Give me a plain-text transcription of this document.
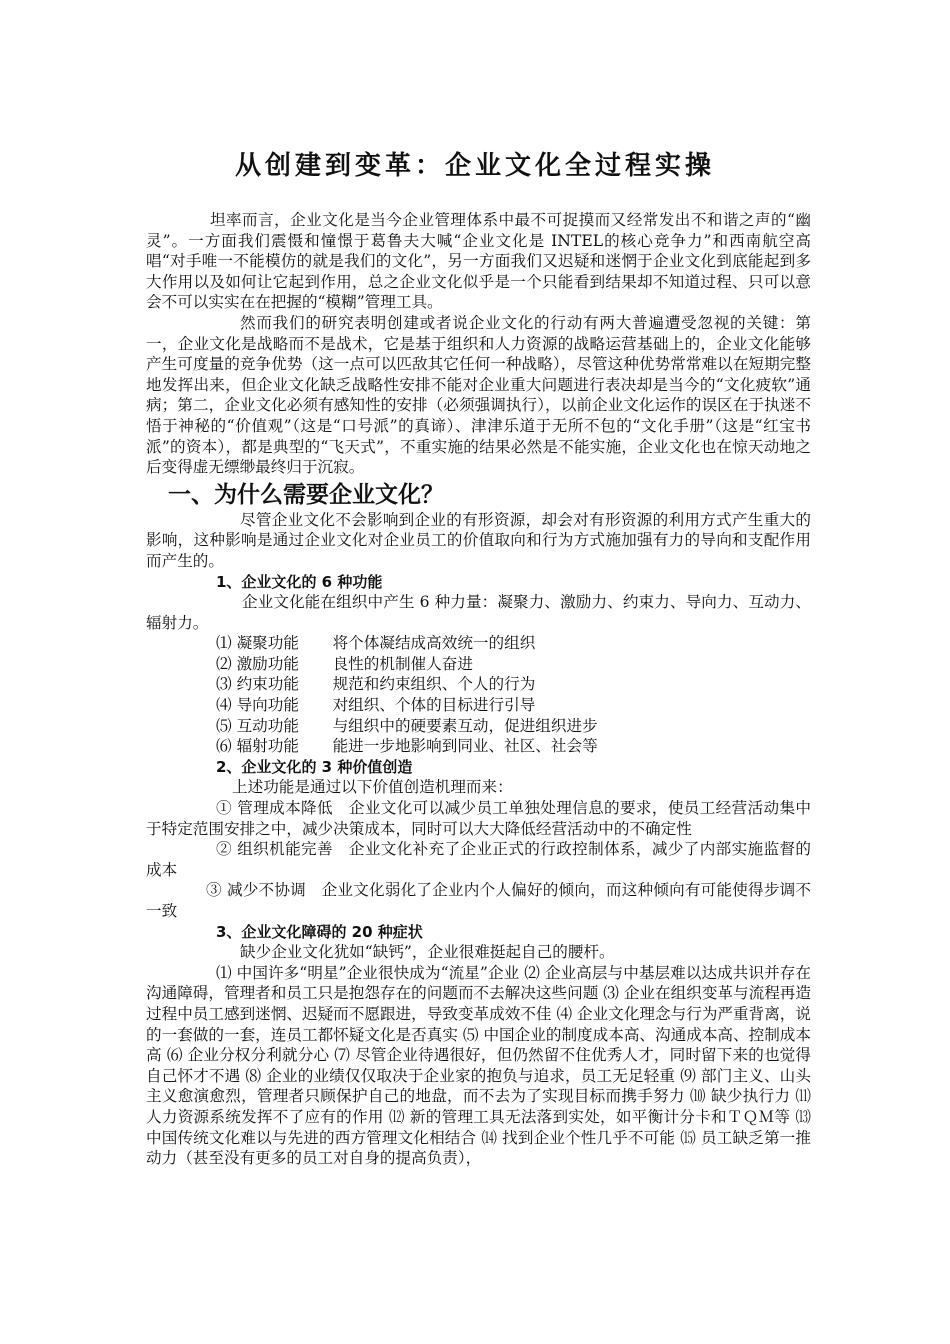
从创建到变革：企业文化全过程实操

坦率而言，企业文化是当今企业管理体系中最不可捉摸而又经常发出不和谐之声的“幽灵”。一方面我们震慑和憧憬于葛鲁夫大喊“企业文化是 INTEL的核心竞争力”和西南航空高唱“对手唯一不能模仿的就是我们的文化”，另一方面我们又迟疑和迷惘于企业文化到底能起到多大作用以及如何让它起到作用，总之企业文化似乎是一个只能看到结果却不知道过程、只可以意会不可以实实在在把握的“模糊”管理工具。

然而我们的研究表明创建或者说企业文化的行动有两大普遍遭受忽视的关键：第一，企业文化是战略而不是战术，它是基于组织和人力资源的战略运营基础上的，企业文化能够产生可度量的竞争优势（这一点可以匹敌其它任何一种战略），尽管这种优势常常难以在短期完整地发挥出来，但企业文化缺乏战略性安排不能对企业重大问题进行表决却是当今的“文化疲软”通病；第二，企业文化必须有感知性的安排（必须强调执行），以前企业文化运作的误区在于执迷不悟于神秘的“价值观”（这是“口号派”的真谛）、津津乐道于无所不包的“文化手册”（这是“红宝书派”的资本），都是典型的“飞天式”，不重实施的结果必然是不能实施，企业文化也在惊天动地之后变得虚无缥缈最终归于沉寂。

一、为什么需要企业文化？

尽管企业文化不会影响到企业的有形资源，却会对有形资源的利用方式产生重大的影响，这种影响是通过企业文化对企业员工的价值取向和行为方式施加强有力的导向和支配作用而产生的。

1、企业文化的 6 种功能

企业文化能在组织中产生 6 种力量：凝聚力、激励力、约束力、导向力、互动力、辐射力。

⑴ 凝聚功能 将个体凝结成高效统一的组织

⑵ 激励功能 良性的机制催人奋进

⑶ 约束功能 规范和约束组织、个人的行为

⑷ 导向功能 对组织、个体的目标进行引导

⑸ 互动功能 与组织中的硬要素互动，促进组织进步

⑹ 辐射功能 能进一步地影响到同业、社区、社会等

2、企业文化的 3 种价值创造

上述功能是通过以下价值创造机理而来：

① 管理成本降低　企业文化可以减少员工单独处理信息的要求，使员工经营活动集中于特定范围安排之中，减少决策成本，同时可以大大降低经营活动中的不确定性

② 组织机能完善　企业文化补充了企业正式的行政控制体系，减少了内部实施监督的成本

③ 减少不协调　企业文化弱化了企业内个人偏好的倾向，而这种倾向有可能使得步调不一致

3、企业文化障碍的 20 种症状

缺少企业文化犹如“缺钙”，企业很难挺起自己的腰杆。

⑴ 中国许多“明星”企业很快成为“流星”企业 ⑵ 企业高层与中基层难以达成共识并存在沟通障碍，管理者和员工只是抱怨存在的问题而不去解决这些问题 ⑶ 企业在组织变革与流程再造过程中员工感到迷惘、迟疑而不愿跟进，导致变革成效不佳 ⑷ 企业文化理念与行为严重背离，说的一套做的一套，连员工都怀疑文化是否真实 ⑸ 中国企业的制度成本高、沟通成本高、控制成本高 ⑹ 企业分权分利就分心 ⑺ 尽管企业待遇很好，但仍然留不住优秀人才，同时留下来的也觉得自己怀才不遇 ⑻ 企业的业绩仅仅取决于企业家的抱负与追求，员工无足轻重 ⑼ 部门主义、山头主义愈演愈烈，管理者只顾保护自己的地盘，而不去为了实现目标而携手努力 ⑽ 缺少执行力 ⑾ 人力资源系统发挥不了应有的作用 ⑿ 新的管理工具无法落到实处，如平衡计分卡和ＴＱＭ等 ⒀ 中国传统文化难以与先进的西方管理文化相结合 ⒁ 找到企业个性几乎不可能 ⒂ 员工缺乏第一推动力（甚至没有更多的员工对自身的提高负责），
